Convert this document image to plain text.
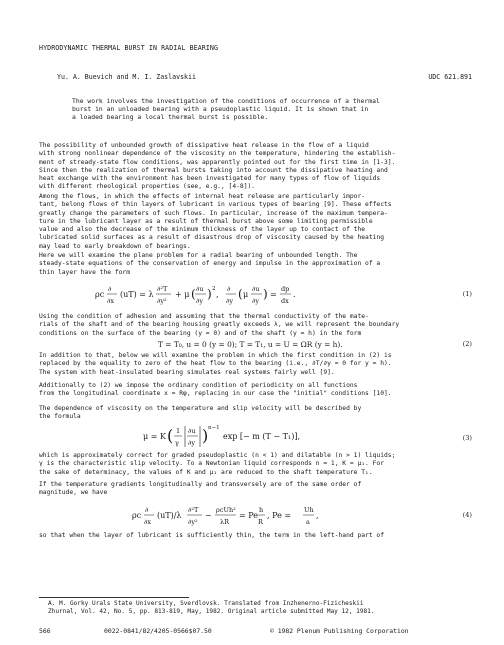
HYDRODYNAMIC THERMAL BURST IN RADIAL BEARING
Yu. A. Buevich and M. I. Zaslavskii	UDC 621.891
The work involves the investigation of the conditions of occurrence of a thermal
burst in an unloaded bearing with a pseudoplastic liquid. It is shown that in
a loaded bearing a local thermal burst is possible.
The possibility of unbounded growth of dissipative heat release in the flow of a liquid
with strong nonlinear dependence of the viscosity on the temperature, hindering the establish-
ment of stready-state flow conditions, was apparently pointed out for the first time in [1-3].
Since then the realization of thermal bursts taking into account the dissipative heating and
heat exchange with the environment has been investigated for many types of flow of liquids
with different rheological properties (see, e.g., [4-8]).
Among the flows, in which the effects of internal heat release are particularly impor-
tant, belong flows of thin layers of lubricant in various types of bearing [9]. These effects
greatly change the parameters of such flows. In particular, increase of the maximum tempera-
ture in the lubricant layer as a result of thermal burst above some limiting permissible
value and also the decrease of the minimum thickness of the layer up to contact of the
lubricated solid surfaces as a result of disastrous drop of viscosity caused by the heating
may lead to early breakdown of bearings.
Here we will examine the plane problem for a radial bearing of unbounded length. The
steady-state equations of the conservation of energy and impulse in the approximation of a
thin layer have the form
ρc
∂
∂x
(uT) = λ
∂²T
∂y²
+ μ ( ∂u
∂y ) 2
,
∂
∂y ( μ
∂u
∂y ) =
dp
dx
.	(1)
Using the condition of adhesion and assuming that the thermal conductivity of the mate-
rials of the shaft and of the bearing housing greatly exceeds λ, we will represent the boundary
conditions on the surface of the bearing (y = 0) and of the shaft (y = h) in the form
T = T₀, u = 0 (y = 0); T = T₁, u = U = ΩR (y = h).	(2)
In addition to that, below we will examine the problem in which the first condition in (2) is
replaced by the equality to zero of the heat flow to the bearing (i.e., ∂T/∂y = 0 for y = h).
The system with heat-insulated bearing simulates real systems fairly well [9].
Additionally to (2) we impose the ordinary condition of periodicity on all functions
from the longitudinal coordinate x = Rφ, replacing in our case the "initial" conditions [10].
The dependence of viscosity on the temperature and slip velocity will be described by
the formula
μ = K ( 1
γ
∂u
∂y ) n−1
exp [− m (T − T₁)],	(3)
which is approximately correct for graded pseudoplastic (n < 1) and dilatable (n > 1) liquids;
γ is the characteristic slip velocity. To a Newtonian liquid corresponds n = 1, K = μ₁. For
the sake of determinacy, the values of K and μ₁ are reduced to the shaft temperature T₁.
If the temperature gradients longitudinally and transversely are of the same order of
magnitude, we have
ρc
∂
∂x
(uT)/λ
∂²T
∂y²
~
ρcUh²
λR
= Pe
h
R
, Pe =
Uh
a
,	(4)
so that when the layer of lubricant is sufficiently thin, the term in the left-hand part of
A. M. Gorky Urals State University, Sverdlovsk. Translated from Inzhenerno-Fizicheskii
Zhurnal, Vol. 42, No. 5, pp. 813-819, May, 1982. Original article submitted May 12, 1981.
566	0022-0841/82/4205-0566$07.50	© 1982 Plenum Publishing Corporation
